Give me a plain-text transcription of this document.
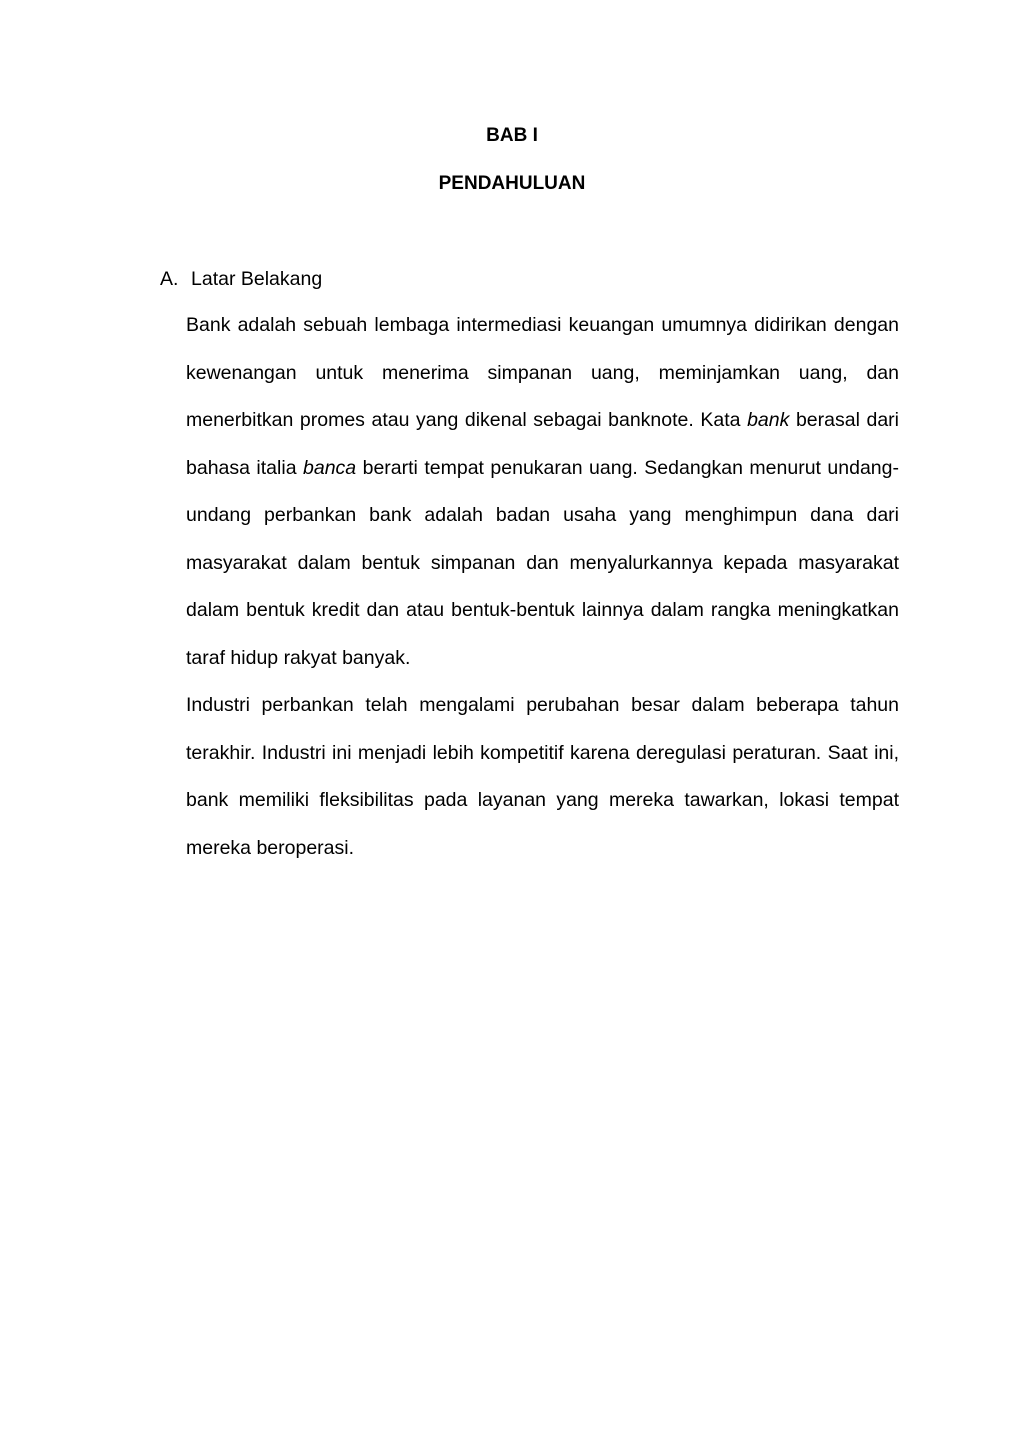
BAB I
PENDAHULUAN
A. Latar Belakang

Bank adalah sebuah lembaga intermediasi keuangan umumnya didirikan dengan kewenangan untuk menerima simpanan uang, meminjamkan uang, dan menerbitkan promes atau yang dikenal sebagai banknote. Kata bank berasal dari bahasa italia banca berarti tempat penukaran uang. Sedangkan menurut undang-undang perbankan bank adalah badan usaha yang menghimpun dana dari masyarakat dalam bentuk simpanan dan menyalurkannya kepada masyarakat dalam bentuk kredit dan atau bentuk-bentuk lainnya dalam rangka meningkatkan taraf hidup rakyat banyak.

Industri perbankan telah mengalami perubahan besar dalam beberapa tahun terakhir. Industri ini menjadi lebih kompetitif karena deregulasi peraturan. Saat ini, bank memiliki fleksibilitas pada layanan yang mereka tawarkan, lokasi tempat mereka beroperasi.
